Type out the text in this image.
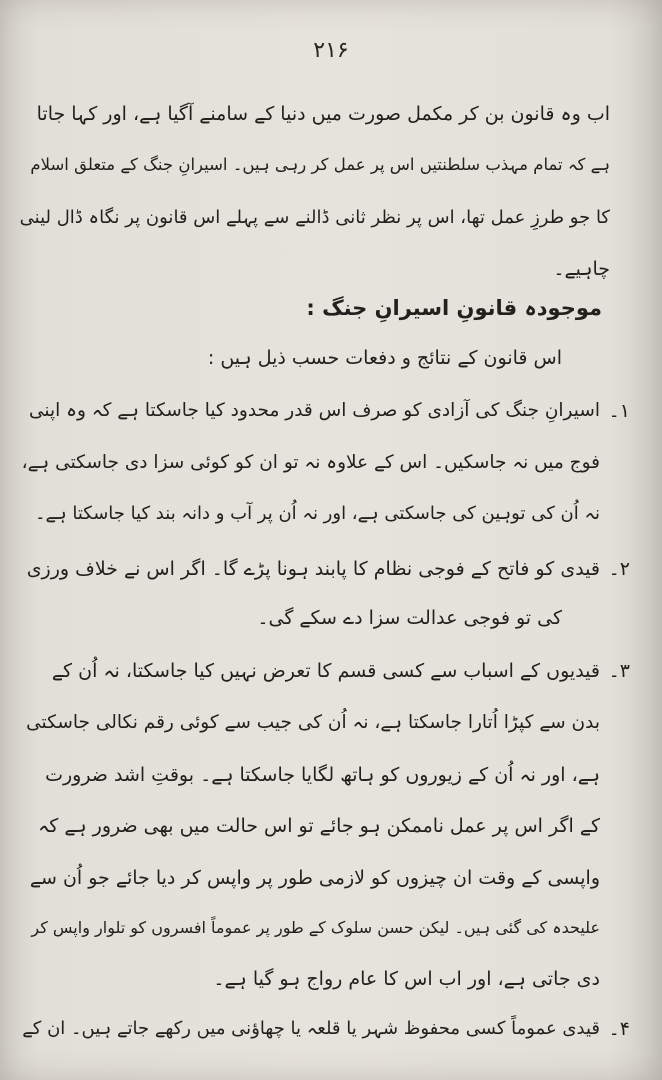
۲۱۶
اب وہ قانون بن کر مکمل صورت میں دنیا کے سامنے آگیا ہے، اور کہا جاتا
ہے کہ تمام مہذب سلطنتیں اس پر عمل کر رہی ہیں۔ اسیرانِ جنگ کے متعلق اسلام
کا جو طرزِ عمل تھا، اس پر نظر ثانی ڈالنے سے پہلے اس قانون پر نگاہ ڈال لینی
چاہیے۔
موجودہ قانونِ اسیرانِ جنگ :
اس قانون کے نتائج و دفعات حسب ذیل ہیں :
۱۔
اسیرانِ جنگ کی آزادی کو صرف اس قدر محدود کیا جاسکتا ہے کہ وہ اپنی
فوج میں نہ جاسکیں۔ اس کے علاوہ نہ تو ان کو کوئی سزا دی جاسکتی ہے،
نہ اُن کی توہین کی جاسکتی ہے، اور نہ اُن پر آب و دانہ بند کیا جاسکتا ہے۔
۲۔
قیدی کو فاتح کے فوجی نظام کا پابند ہونا پڑے گا۔ اگر اس نے خلاف ورزی
کی تو فوجی عدالت سزا دے سکے گی۔
۳۔
قیدیوں کے اسباب سے کسی قسم کا تعرض نہیں کیا جاسکتا، نہ اُن کے
بدن سے کپڑا اُتارا جاسکتا ہے، نہ اُن کی جیب سے کوئی رقم نکالی جاسکتی
ہے، اور نہ اُن کے زیوروں کو ہاتھ لگایا جاسکتا ہے۔ بوقتِ اشد ضرورت
کے اگر اس پر عمل ناممکن ہو جائے تو اس حالت میں بھی ضرور ہے کہ
واپسی کے وقت ان چیزوں کو لازمی طور پر واپس کر دیا جائے جو اُن سے
علیحدہ کی گئی ہیں۔ لیکن حسن سلوک کے طور پر عموماً افسروں کو تلوار واپس کر
دی جاتی ہے، اور اب اس کا عام رواج ہو گیا ہے۔
۴۔
قیدی عموماً کسی محفوظ شہر یا قلعہ یا چھاؤنی میں رکھے جاتے ہیں۔ ان کے
